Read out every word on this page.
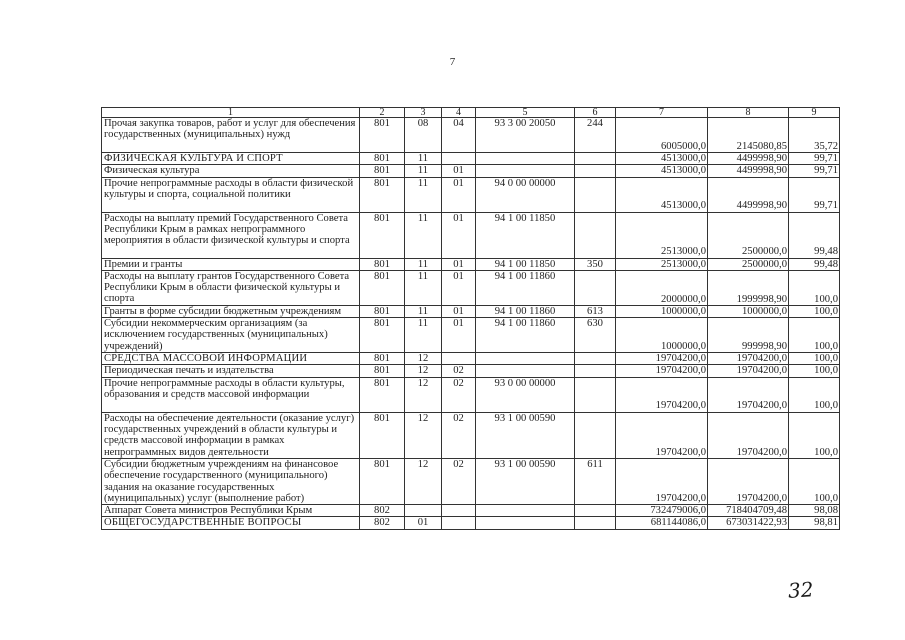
7
1	2	3	4	5	6	7	8	9
Прочая закупка товаров, работ и услуг для обеспечения государственных (муниципальных) нужд	801	08	04	93 3 00 20050	244	6005000,0	2145080,85	35,72
ФИЗИЧЕСКАЯ КУЛЬТУРА И СПОРТ	801	11				4513000,0	4499998,90	99,71
Физическая культура	801	11	01			4513000,0	4499998,90	99,71
Прочие непрограммные расходы в области физической культуры и спорта, социальной политики	801	11	01	94 0 00 00000		4513000,0	4499998,90	99,71
Расходы на выплату премий Государственного Совета Республики Крым в рамках непрограммного мероприятия в области физической культуры и спорта	801	11	01	94 1 00 11850		2513000,0	2500000,0	99,48
Премии и гранты	801	11	01	94 1 00 11850	350	2513000,0	2500000,0	99,48
Расходы на выплату грантов Государственного Совета Республики Крым в области физической культуры и спорта	801	11	01	94 1 00 11860		2000000,0	1999998,90	100,0
Гранты в форме субсидии бюджетным учреждениям	801	11	01	94 1 00 11860	613	1000000,0	1000000,0	100,0
Субсидии некоммерческим организациям (за исключением государственных (муниципальных) учреждений)	801	11	01	94 1 00 11860	630	1000000,0	999998,90	100,0
СРЕДСТВА МАССОВОЙ ИНФОРМАЦИИ	801	12				19704200,0	19704200,0	100,0
Периодическая печать и издательства	801	12	02			19704200,0	19704200,0	100,0
Прочие непрограммные расходы в области культуры, образования и средств массовой информации	801	12	02	93 0 00 00000		19704200,0	19704200,0	100,0
Расходы на обеспечение деятельности (оказание услуг) государственных учреждений в области культуры и средств массовой информации в рамках непрограммных видов деятельности	801	12	02	93 1 00 00590		19704200,0	19704200,0	100,0
Субсидии бюджетным учреждениям на финансовое обеспечение государственного (муниципального) задания на оказание государственных (муниципальных) услуг (выполнение работ)	801	12	02	93 1 00 00590	611	19704200,0	19704200,0	100,0
Аппарат Совета министров Республики Крым	802					732479006,0	718404709,48	98,08
ОБЩЕГОСУДАРСТВЕННЫЕ ВОПРОСЫ	802	01				681144086,0	673031422,93	98,81
32
